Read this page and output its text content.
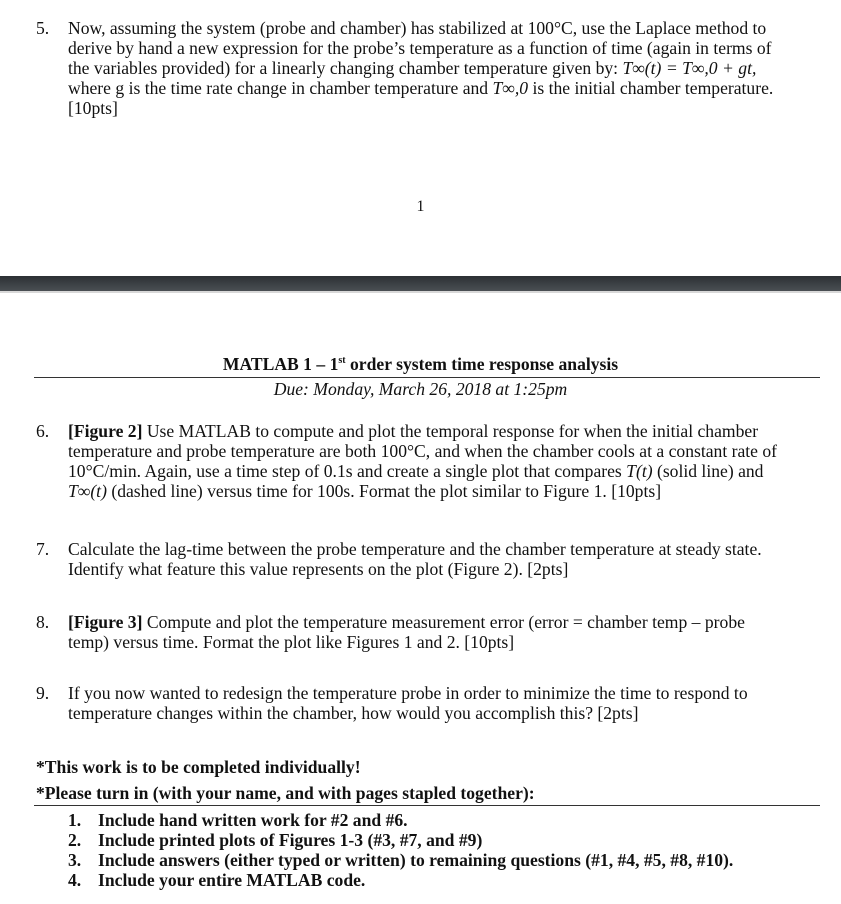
5. Now, assuming the system (probe and chamber) has stabilized at 100°C, use the Laplace method to
derive by hand a new expression for the probe’s temperature as a function of time (again in terms of
the variables provided) for a linearly changing chamber temperature given by: T∞(t) = T∞,0 + gt,
where g is the time rate change in chamber temperature and T∞,0 is the initial chamber temperature.
[10pts]
1
MATLAB 1 – 1st order system time response analysis
Due: Monday, March 26, 2018 at 1:25pm
6. [Figure 2] Use MATLAB to compute and plot the temporal response for when the initial chamber
temperature and probe temperature are both 100°C, and when the chamber cools at a constant rate of
10°C/min. Again, use a time step of 0.1s and create a single plot that compares T(t) (solid line) and
T∞(t) (dashed line) versus time for 100s. Format the plot similar to Figure 1. [10pts]
7. Calculate the lag-time between the probe temperature and the chamber temperature at steady state.
Identify what feature this value represents on the plot (Figure 2). [2pts]
8. [Figure 3] Compute and plot the temperature measurement error (error = chamber temp – probe
temp) versus time. Format the plot like Figures 1 and 2. [10pts]
9. If you now wanted to redesign the temperature probe in order to minimize the time to respond to
temperature changes within the chamber, how would you accomplish this? [2pts]
*This work is to be completed individually!
*Please turn in (with your name, and with pages stapled together):
1. Include hand written work for #2 and #6.
2. Include printed plots of Figures 1-3 (#3, #7, and #9)
3. Include answers (either typed or written) to remaining questions (#1, #4, #5, #8, #10).
4. Include your entire MATLAB code.
